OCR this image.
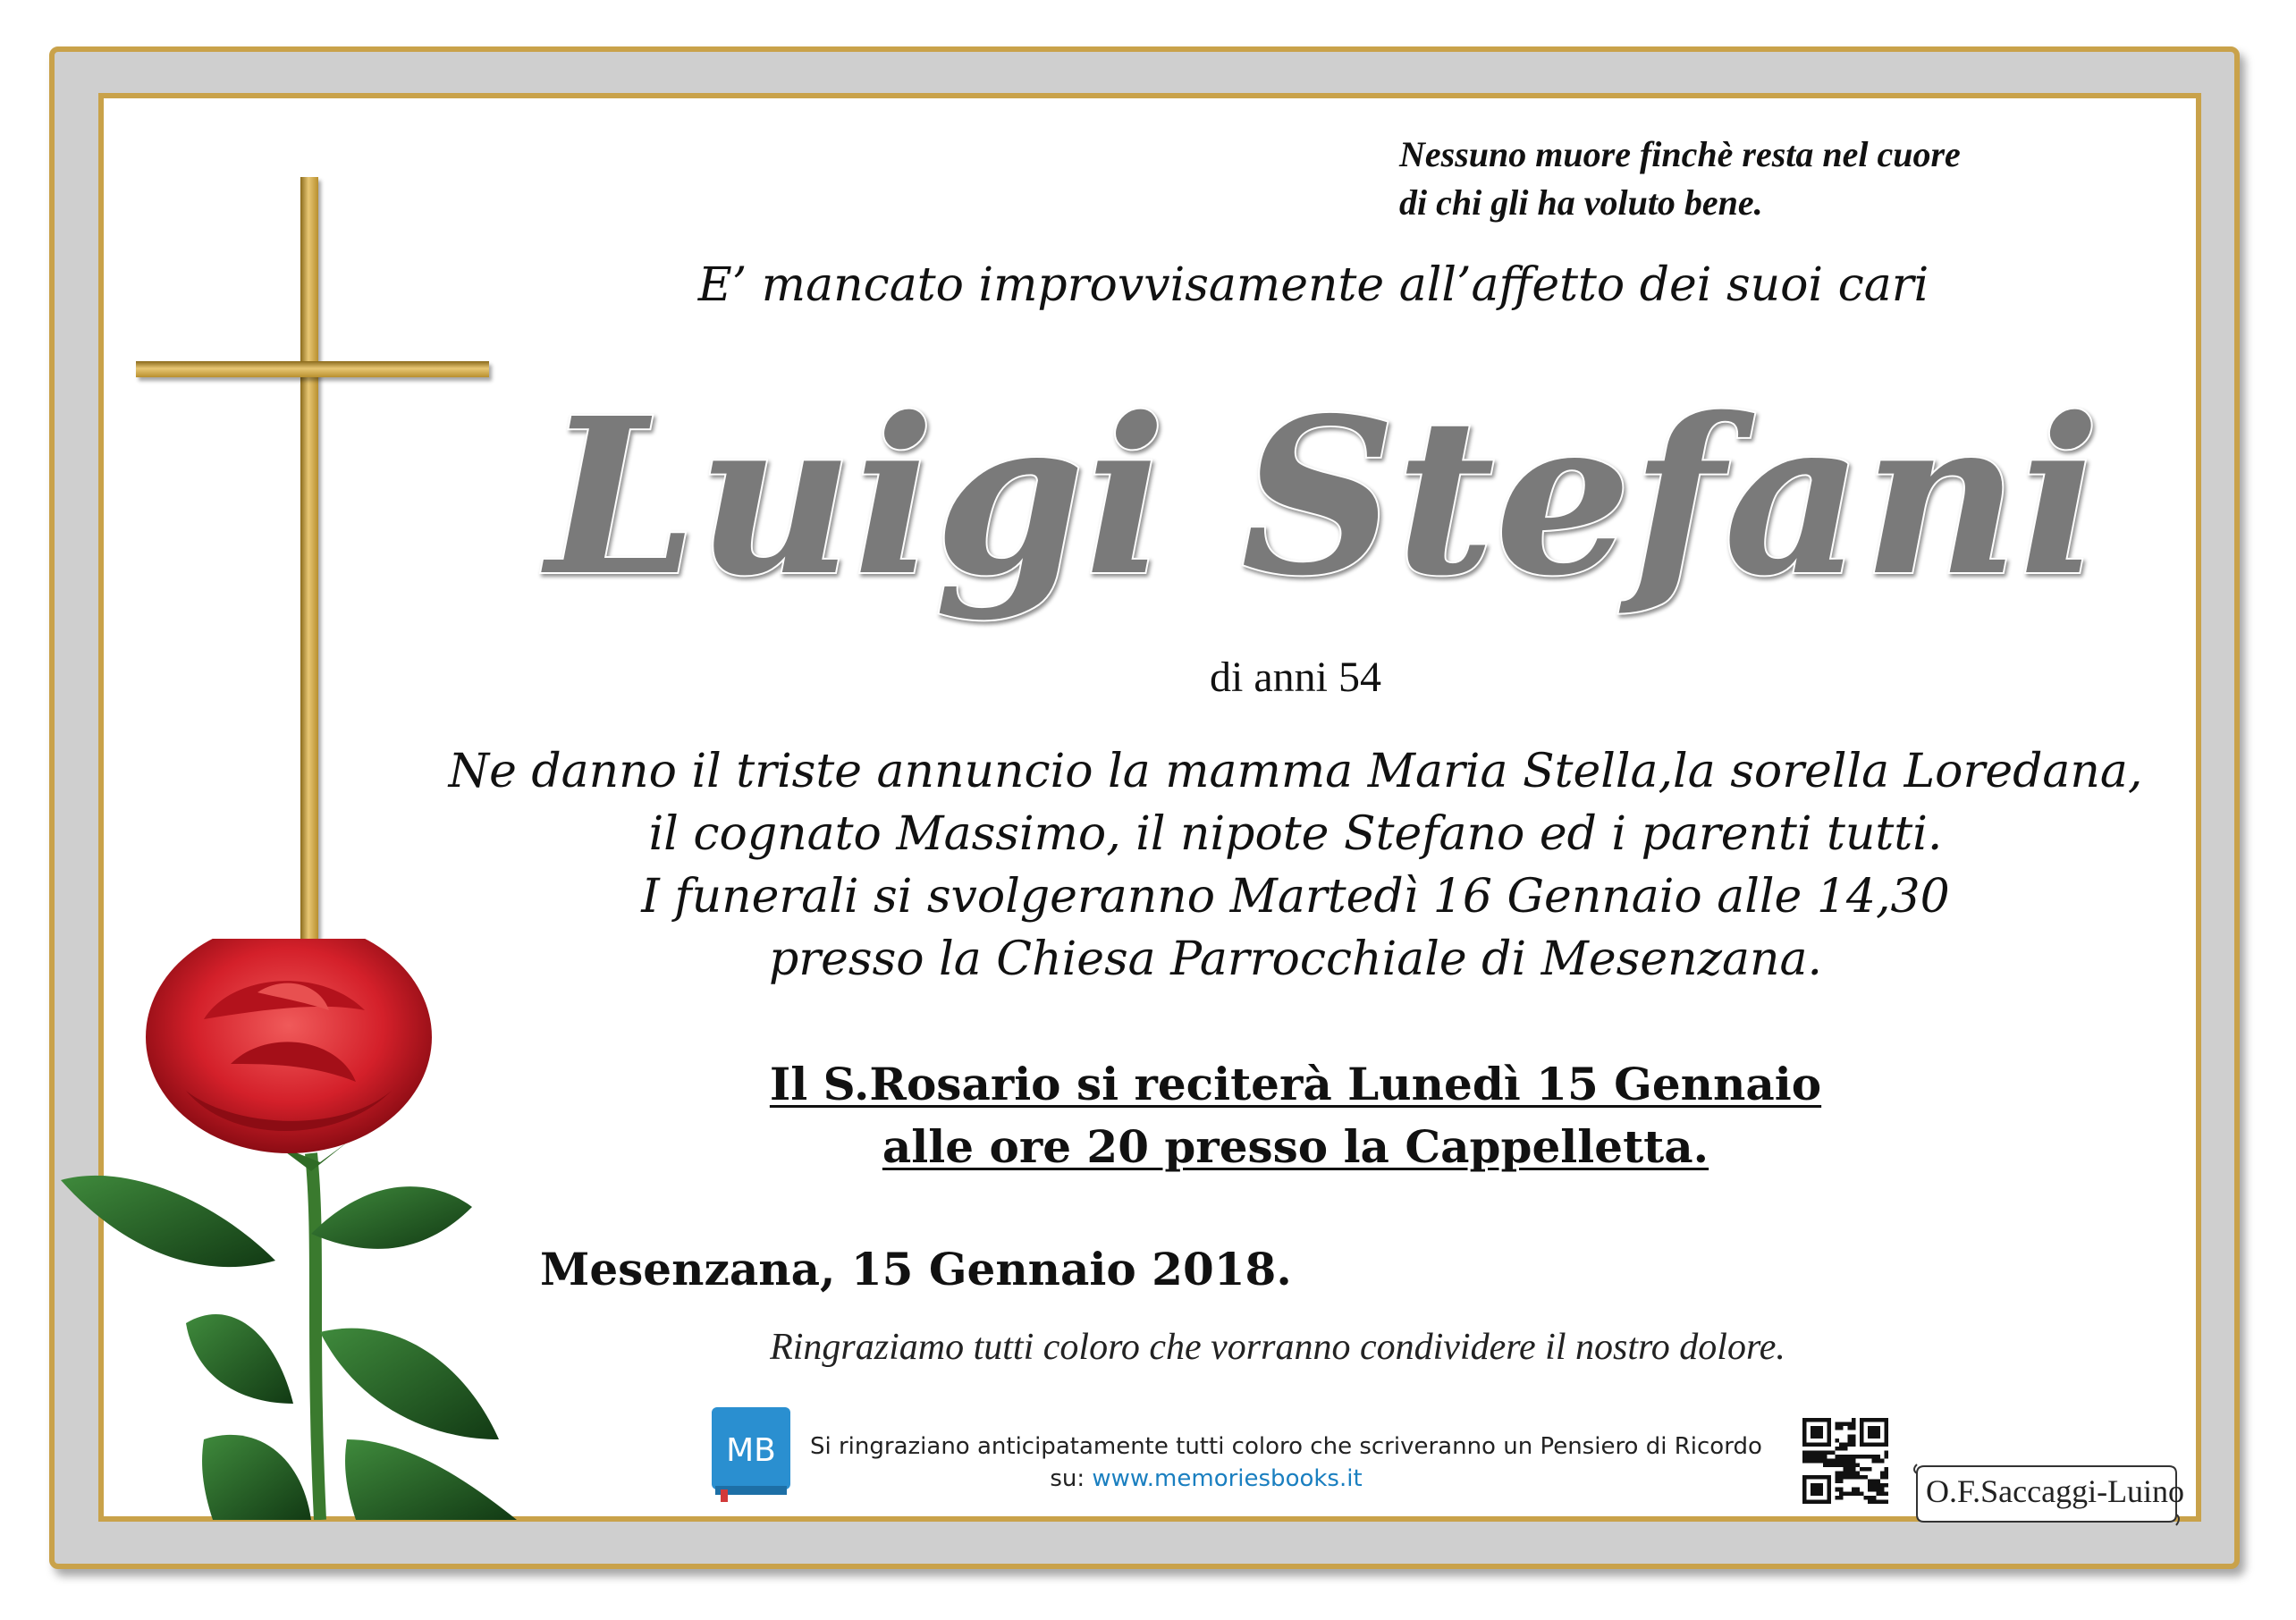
Nessuno muore finchè resta nel cuore
di chi gli ha voluto bene.
E’ mancato improvvisamente all’affetto dei suoi cari
Luigi Stefani
di anni 54
Ne danno il triste annuncio la mamma Maria Stella,la sorella Loredana,
il cognato Massimo, il nipote Stefano ed i parenti tutti.
I funerali si svolgeranno Martedì 16 Gennaio alle 14,30
presso la Chiesa Parrocchiale di Mesenzana.
Il S.Rosario si reciterà Lunedì 15 Gennaio
alle ore 20 presso la Cappelletta.
Mesenzana, 15 Gennaio 2018.
Ringraziamo tutti coloro che vorranno condividere il nostro dolore.
MB Si ringraziano anticipatamente tutti coloro che scriveranno un Pensiero di Ricordo
su: www.memoriesbooks.it	O.F.Saccaggi-Luino
